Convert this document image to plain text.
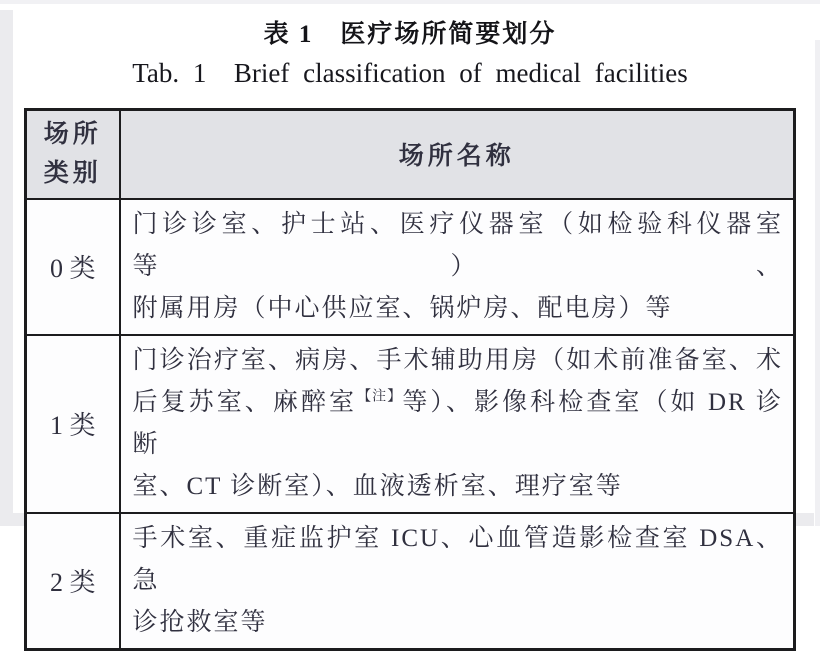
表 1　医疗场所简要划分
Tab. 1  Brief classification of medical facilities
场所
类别	场所名称
0 类	门诊诊室、护士站、医疗仪器室（如检验科仪器室等）、
附属用房（中心供应室、锅炉房、配电房）等

1 类	门诊治疗室、病房、手术辅助用房（如术前准备室、术
后复苏室、麻醉室$^{【注】}$等）、影像科检查室（如 DR 诊断
室、CT 诊断室）、血液透析室、理疗室等

2 类	手术室、重症监护室 ICU、心血管造影检查室 DSA、急
诊抢救室等
